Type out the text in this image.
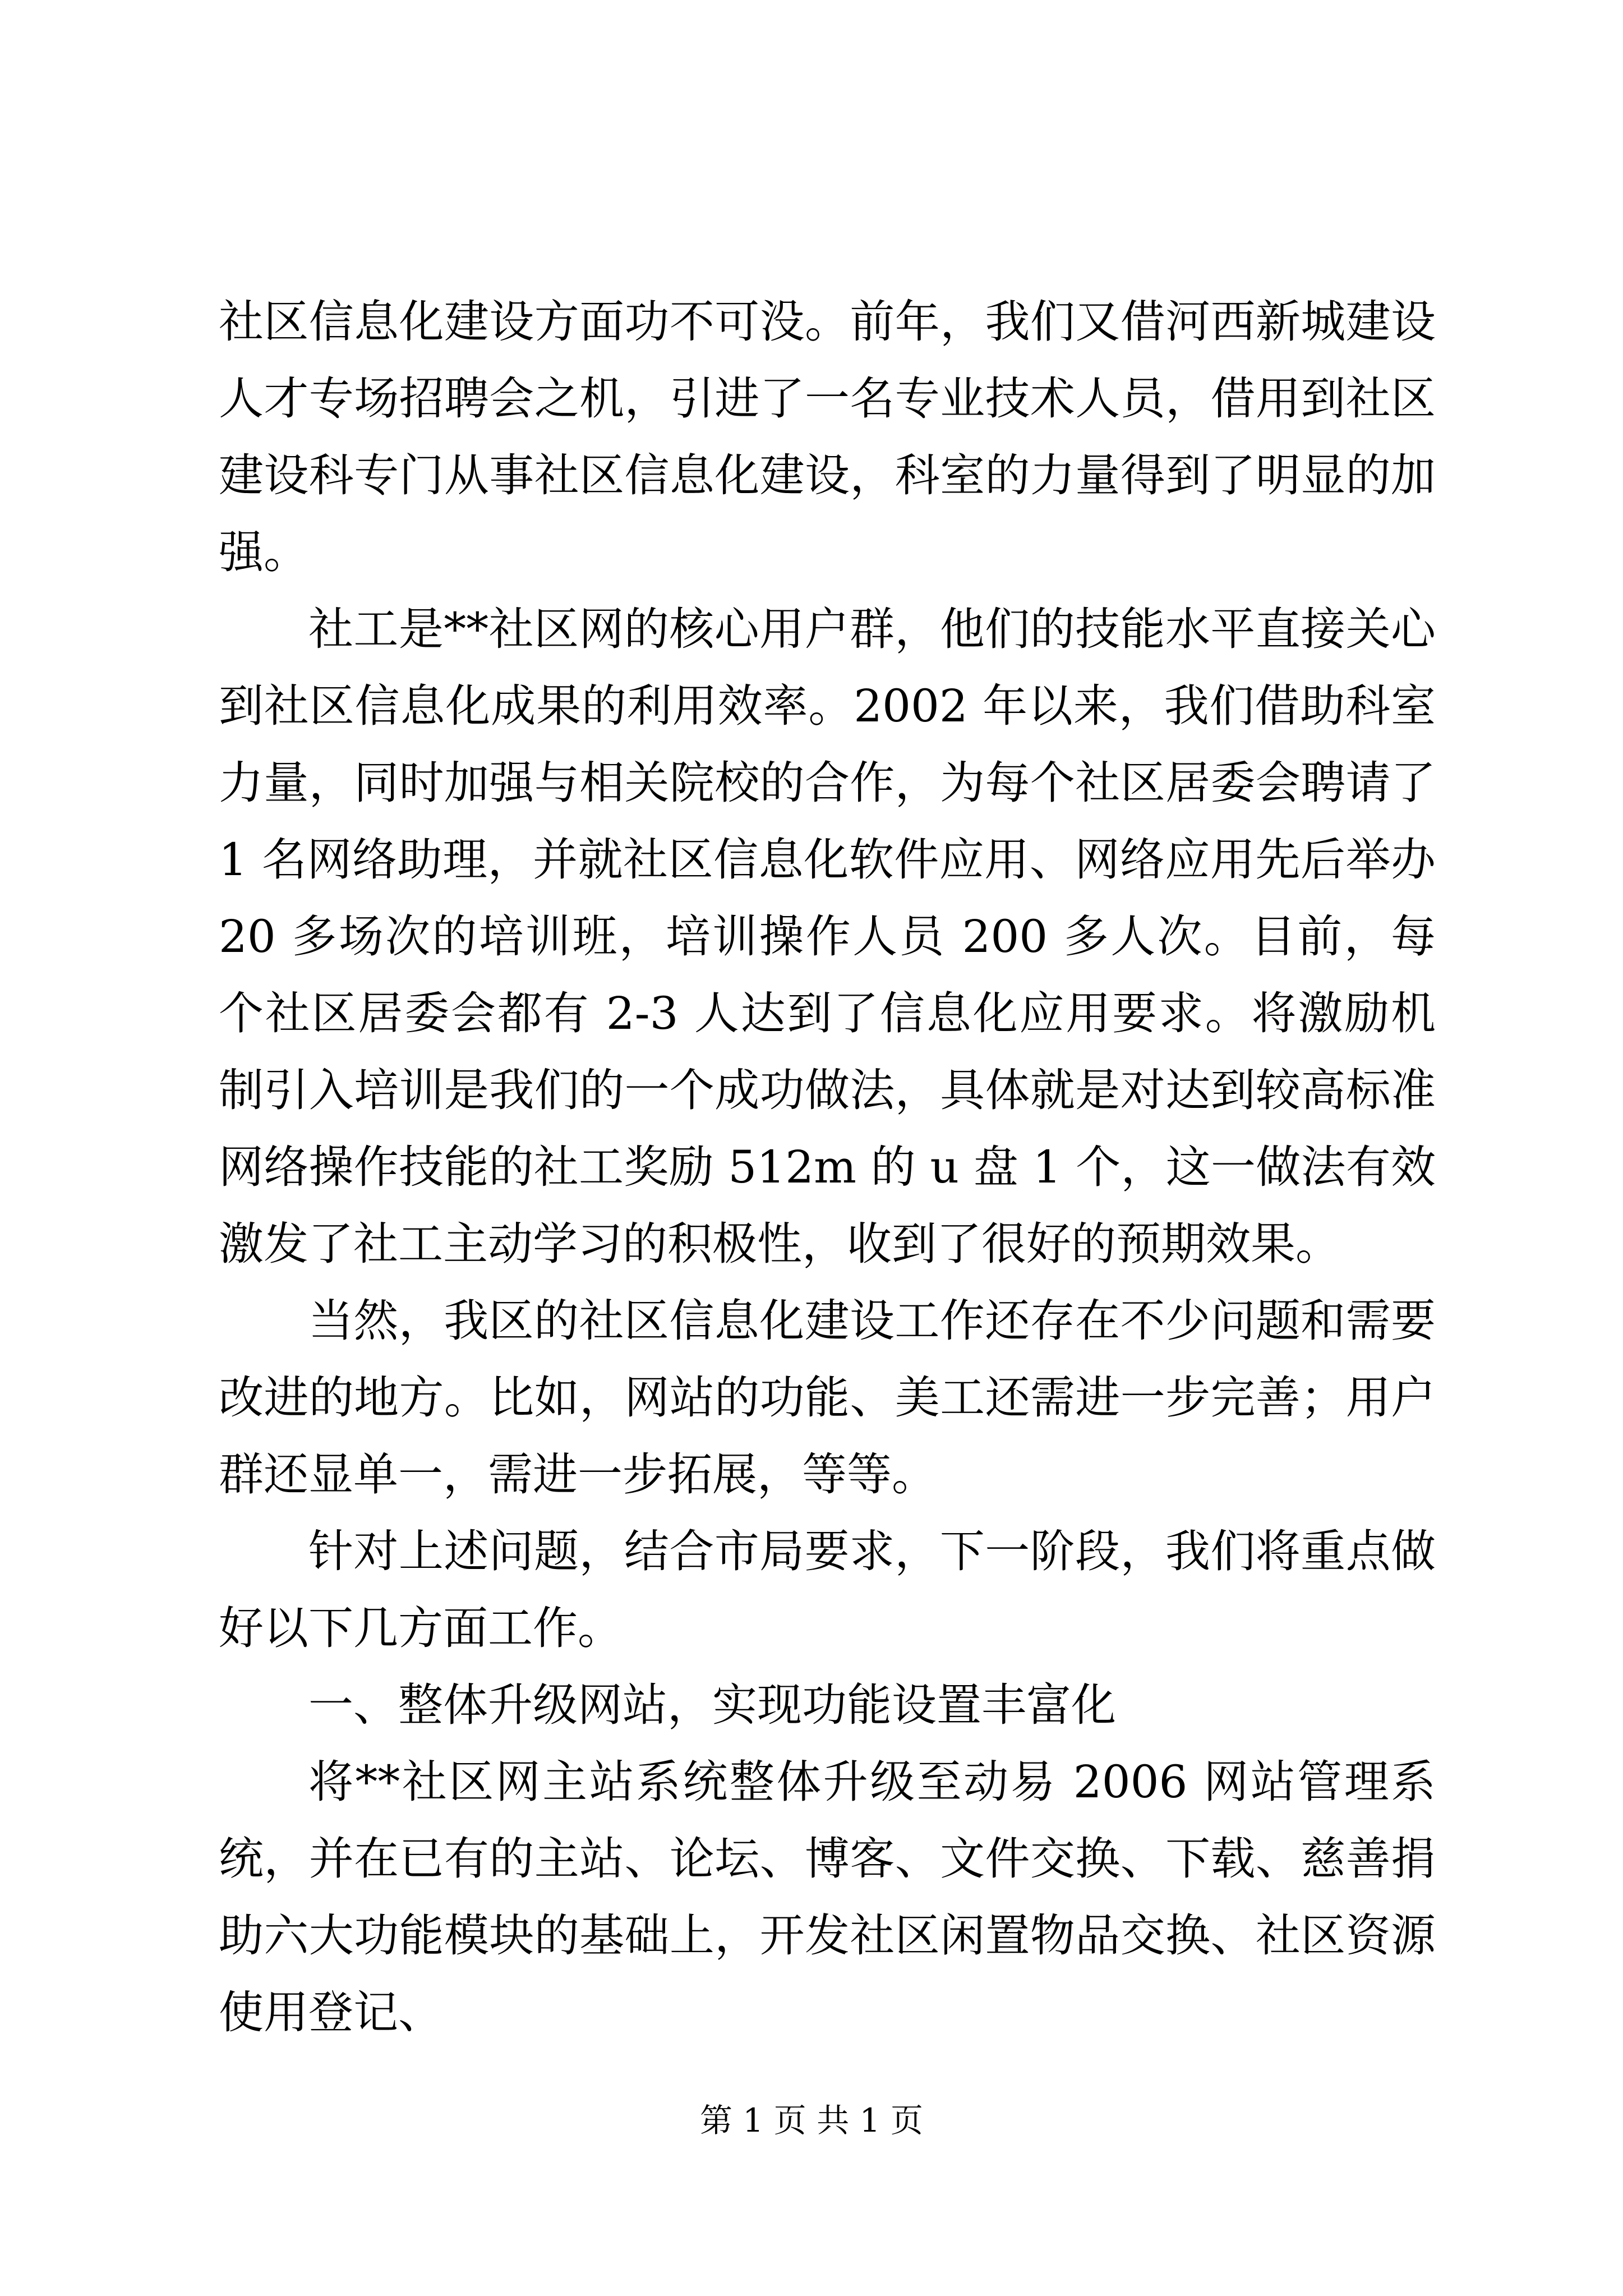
社区信息化建设方面功不可没。前年，我们又借河西新城建设人才专场招聘会之机，引进了一名专业技术人员，借用到社区建设科专门从事社区信息化建设，科室的力量得到了明显的加强。

社工是**社区网的核心用户群，他们的技能水平直接关心到社区信息化成果的利用效率。2002 年以来，我们借助科室力量，同时加强与相关院校的合作，为每个社区居委会聘请了 1 名网络助理，并就社区信息化软件应用、网络应用先后举办 20 多场次的培训班，培训操作人员 200 多人次。目前，每个社区居委会都有 2-3 人达到了信息化应用要求。将激励机制引入培训是我们的一个成功做法，具体就是对达到较高标准网络操作技能的社工奖励 512m 的 u 盘 1 个，这一做法有效激发了社工主动学习的积极性，收到了很好的预期效果。

当然，我区的社区信息化建设工作还存在不少问题和需要改进的地方。比如，网站的功能、美工还需进一步完善；用户群还显单一，需进一步拓展，等等。

针对上述问题，结合市局要求，下一阶段，我们将重点做好以下几方面工作。

一、整体升级网站，实现功能设置丰富化

将**社区网主站系统整体升级至动易 2006 网站管理系统，并在已有的主站、论坛、博客、文件交换、下载、慈善捐助六大功能模块的基础上，开发社区闲置物品交换、社区资源使用登记、

第 1 页 共 1 页
